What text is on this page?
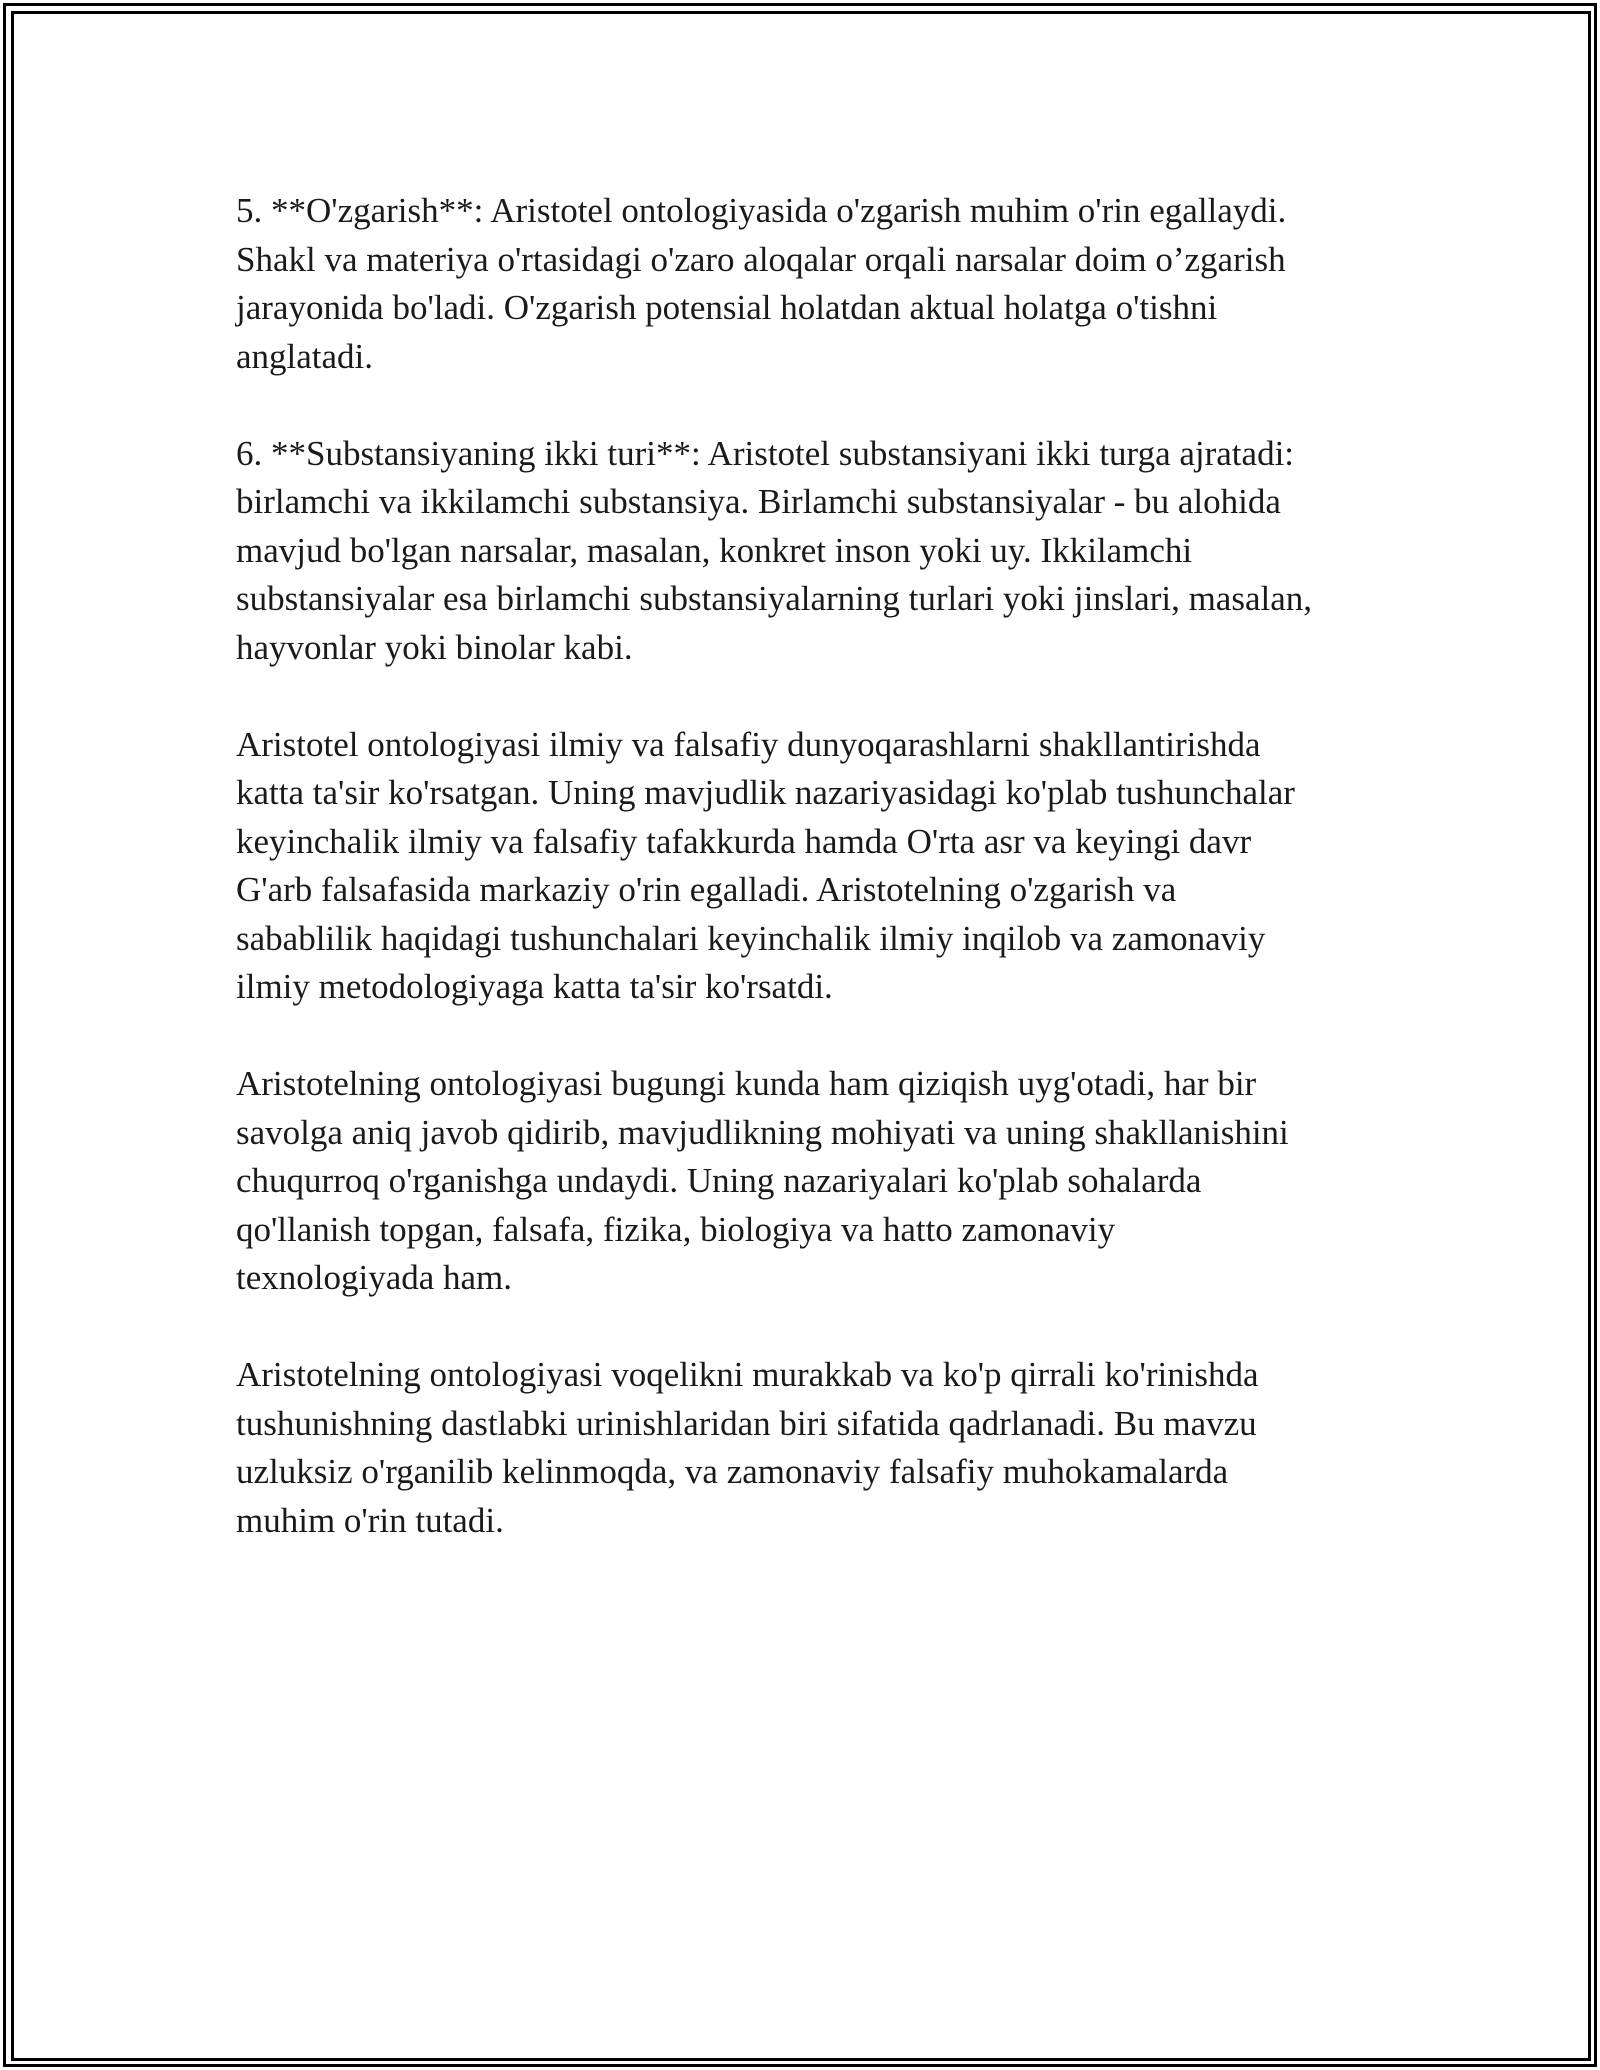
5. **O'zgarish**: Aristotel ontologiyasida o'zgarish muhim o'rin egallaydi.
Shakl va materiya o'rtasidagi o'zaro aloqalar orqali narsalar doim o’zgarish
jarayonida bo'ladi. O'zgarish potensial holatdan aktual holatga o'tishni
anglatadi.

6. **Substansiyaning ikki turi**: Aristotel substansiyani ikki turga ajratadi:
birlamchi va ikkilamchi substansiya. Birlamchi substansiyalar - bu alohida
mavjud bo'lgan narsalar, masalan, konkret inson yoki uy. Ikkilamchi
substansiyalar esa birlamchi substansiyalarning turlari yoki jinslari, masalan,
hayvonlar yoki binolar kabi.

Aristotel ontologiyasi ilmiy va falsafiy dunyoqarashlarni shakllantirishda
katta ta'sir ko'rsatgan. Uning mavjudlik nazariyasidagi ko'plab tushunchalar
keyinchalik ilmiy va falsafiy tafakkurda hamda O'rta asr va keyingi davr
G'arb falsafasida markaziy o'rin egalladi. Aristotelning o'zgarish va
sabablilik haqidagi tushunchalari keyinchalik ilmiy inqilob va zamonaviy
ilmiy metodologiyaga katta ta'sir ko'rsatdi.

Aristotelning ontologiyasi bugungi kunda ham qiziqish uyg'otadi, har bir
savolga aniq javob qidirib, mavjudlikning mohiyati va uning shakllanishini
chuqurroq o'rganishga undaydi. Uning nazariyalari ko'plab sohalarda
qo'llanish topgan, falsafa, fizika, biologiya va hatto zamonaviy
texnologiyada ham.

Aristotelning ontologiyasi voqelikni murakkab va ko'p qirrali ko'rinishda
tushunishning dastlabki urinishlaridan biri sifatida qadrlanadi. Bu mavzu
uzluksiz o'rganilib kelinmoqda, va zamonaviy falsafiy muhokamalarda
muhim o'rin tutadi.
